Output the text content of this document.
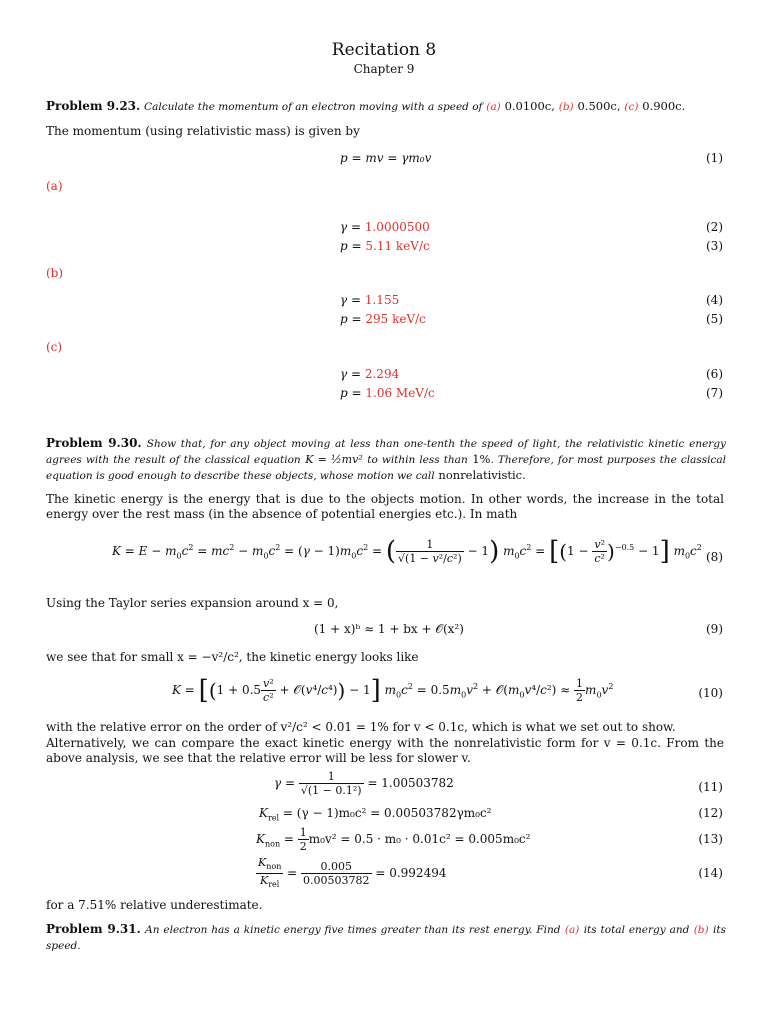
Recitation 8
Chapter 9
Problem 9.23. Calculate the momentum of an electron moving with a speed of (a) 0.0100c, (b) 0.500c, (c) 0.900c.
The momentum (using relativistic mass) is given by
p = mv = γm₀v	(1)
(a)
γ = 1.0000500	(2)
p = 5.11 keV/c	(3)
(b)
γ = 1.155	(4)
p = 295 keV/c	(5)
(c)
γ = 2.294	(6)
p = 1.06 MeV/c	(7)
Problem 9.30. Show that, for any object moving at less than one-tenth the speed of light, the relativistic kinetic energy agrees with the result of the classical equation K = ½mv² to within less than 1%. Therefore, for most purposes the classical equation is good enough to describe these objects, whose motion we call nonrelativistic.
The kinetic energy is the energy that is due to the objects motion. In other words, the increase in the total energy over the rest mass (in the absence of potential energies etc.). In math
$K = E - m_0c^2 = mc^2 - m_0c^2 = (\gamma - 1)m_0c^2$ = ( $\frac{1}{\text{√(1 − v²/c²)}} - 1$) $m_0c^2 = [(1 - \frac{\text{v²}}{\text{c²}} )^{-0.5} - 1]$ $m_0c^2$
(8)
Using the Taylor series expansion around x = 0,
(1 + x)ᵇ ≈ 1 + bx + 𝒪(x²)	(9)
we see that for small x = −v²/c², the kinetic energy looks like
$K = [(1 + 0.5 \frac{\text{v²}}{\text{c²}}$ + 𝒪(v⁴/c⁴)) − 1] $m_0c^2 = 0.5m_0v^2$ + $𝒪(m_0v^4/c^2) \approx \frac{1}{2} m_0v^2$	(10)
with the relative error on the order of v²/c² < 0.01 = 1% for v < 0.1c, which is what we set out to show.
Alternatively, we can compare the exact kinetic energy with the nonrelativistic form for v = 0.1c. From the above analysis, we see that the relative error will be less for slower v.
$\gamma = \frac{1}{\text{√(1 − 0.1²)}} = 1.00503782$	(11)
$K_{rel} = (\gamma - 1)m_0c^2 = 0.00503782\gamma m_0c^2$	(12)
$K_{non} = \frac{1}{2} m_0v^2 = 0.5 \cdot m_0 \cdot 0.01c^2 = 0.005m_0c^2$	(13)
$\frac{K_{non}}{K_{rel}} = \frac{0.005}{0.00503782} = 0.992494$	(14)
for a 7.51% relative underestimate.
Problem 9.31. An electron has a kinetic energy five times greater than its rest energy. Find (a) its total energy and (b) its speed.
